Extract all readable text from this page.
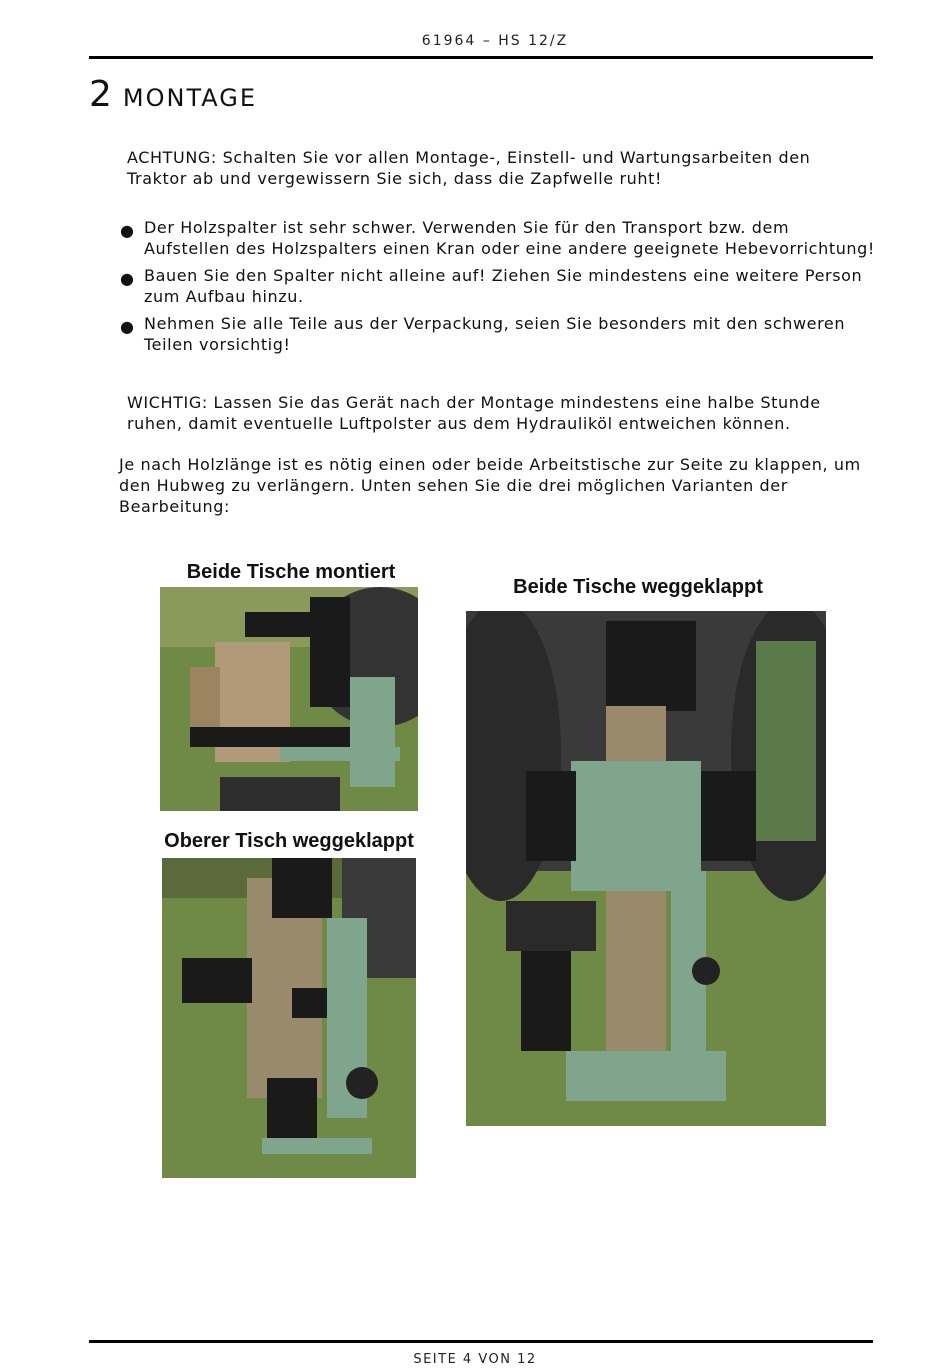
61964 – HS 12/Z
2 MONTAGE
ACHTUNG: Schalten Sie vor allen Montage-, Einstell- und Wartungsarbeiten den Traktor ab und vergewissern Sie sich, dass die Zapfwelle ruht!
● Der Holzspalter ist sehr schwer. Verwenden Sie für den Transport bzw. dem Aufstellen des Holzspalters einen Kran oder eine andere geeignete Hebevorrichtung!
● Bauen Sie den Spalter nicht alleine auf! Ziehen Sie mindestens eine weitere Person zum Aufbau hinzu.
● Nehmen Sie alle Teile aus der Verpackung, seien Sie besonders mit den schweren Teilen vorsichtig!
WICHTIG: Lassen Sie das Gerät nach der Montage mindestens eine halbe Stunde ruhen, damit eventuelle Luftpolster aus dem Hydrauliköl entweichen können.
Je nach Holzlänge ist es nötig einen oder beide Arbeitstische zur Seite zu klappen, um den Hubweg zu verlängern. Unten sehen Sie die drei möglichen Varianten der Bearbeitung:
Beide Tische montiert
Oberer Tisch weggeklappt
Beide Tische weggeklappt
SEITE 4 VON 12
